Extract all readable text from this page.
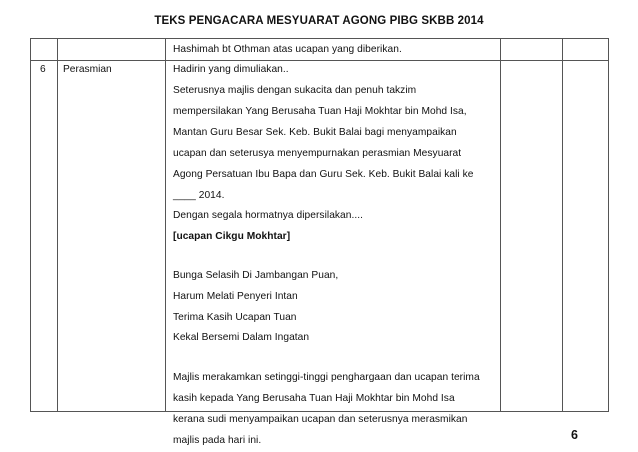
TEKS PENGACARA MESYUARAT AGONG PIBG SKBB 2014
Hashimah bt Othman atas ucapan yang diberikan.
6 Perasmian	Hadirin yang dimuliakan..
Seterusnya majlis dengan sukacita dan penuh takzim
mempersilakan Yang Berusaha Tuan Haji Mokhtar bin Mohd Isa,
Mantan Guru Besar Sek. Keb. Bukit Balai bagi menyampaikan
ucapan dan seterusya menyempurnakan perasmian Mesyuarat
Agong Persatuan Ibu Bapa dan Guru Sek. Keb. Bukit Balai kali ke
____ 2014.
Dengan segala hormatnya dipersilakan....
[ucapan Cikgu Mokhtar]
Bunga Selasih Di Jambangan Puan,
Harum Melati Penyeri Intan
Terima Kasih Ucapan Tuan
Kekal Bersemi Dalam Ingatan
Majlis merakamkan setinggi-tinggi penghargaan dan ucapan terima
kasih kepada Yang Berusaha Tuan Haji Mokhtar bin Mohd Isa
kerana sudi menyampaikan ucapan dan seterusnya merasmikan
majlis pada hari ini.	6
